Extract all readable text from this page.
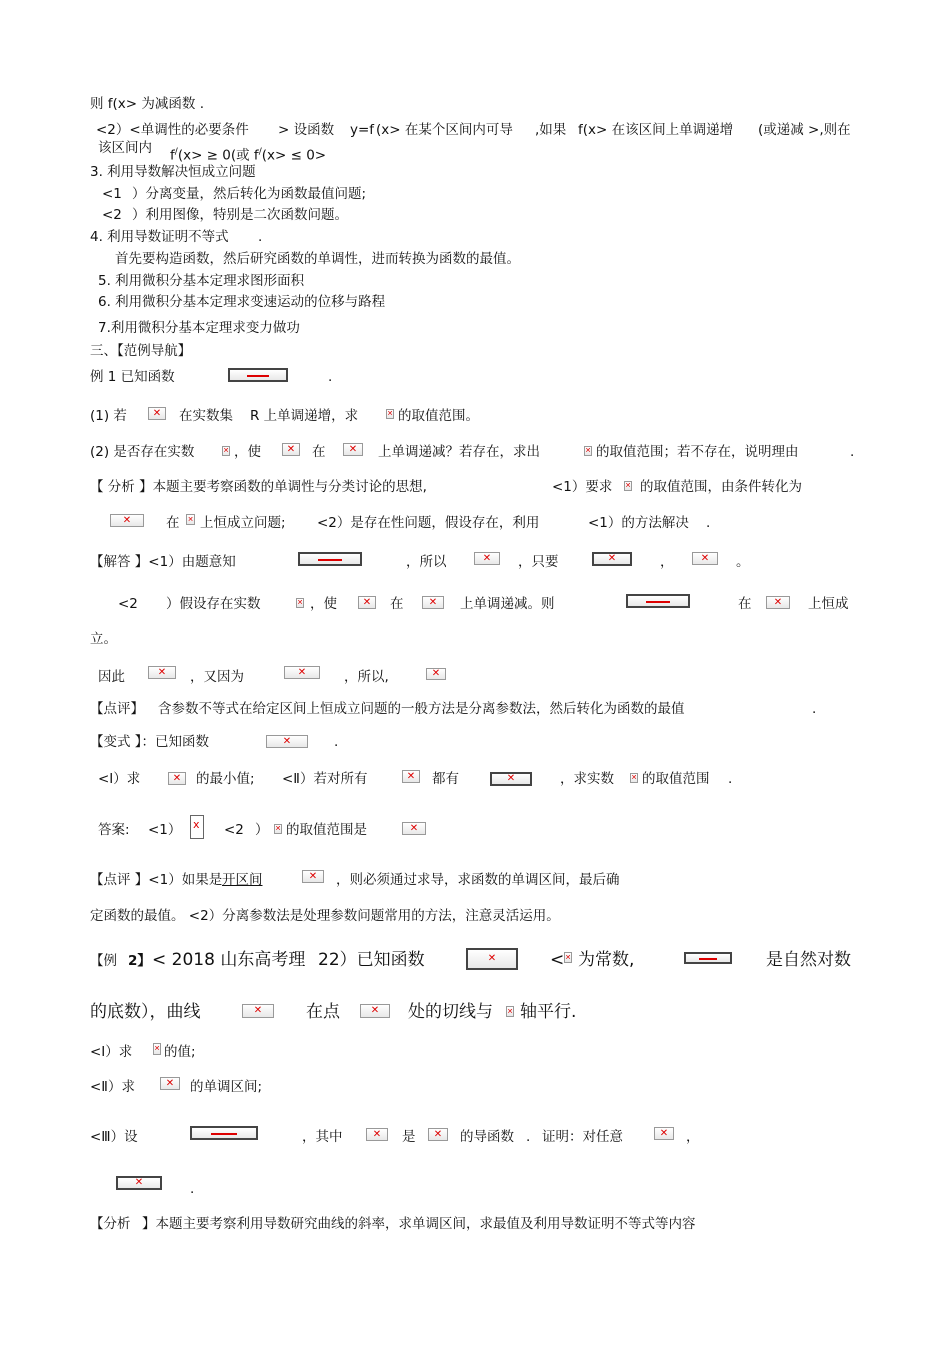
则 f(x> 为减函数 .
<2）<单调性的必要条件 > 设函数 y=f (x> 在某个区间内可导 ,如果 f(x> 在该区间上单调递增 (或递减 >,则在
该区间内 f/(x> ≥ 0(或 f/(x> ≤ 0>
3. 利用导数解决恒成立问题
<1 ）分离变量，然后转化为函数最值问题;
<2 ）利用图像，特别是二次函数问题。
4. 利用导数证明不等式 .
首先要构造函数，然后研究函数的单调性，进而转换为函数的最值。
5. 利用微积分基本定理求图形面积
6. 利用微积分基本定理求变速运动的位移与路程
7.利用微积分基本定理求变力做功
三、【范例导航】
例 1 已知函数	.
(1) 若 ✕	在实数集 R 上单调递增，求 ✕	的取值范围。
(2) 是否存在实数 ✕	，使 ✕	在 ✕	上单调递减？若存在，求出 ✕	的取值范围；若不存在，说明理由	.
【 分析 】本题主要考察函数的单调性与分类讨论的思想,	<1）要求 ✕ 的取值范围，由条件转化为
✕
在 ✕ 上恒成立问题; <2）是存在性问题，假设存在，利用	<1）的方法解决 .
【解答 】<1）由题意知	，所以 ✕	，只要 ✕	， ✕	。
<2 ）假设存在实数 ✕	，使 ✕	在 ✕	上单调递减。则	在 ✕	上恒成
立。
因此 ✕	，又因为 ✕	，所以,
✕
【点评】 含参数不等式在给定区间上恒成立问题的一般方法是分离参数法，然后转化为函数的最值	.
【变式 】：已知函数 ✕	.
<Ⅰ）求 ✕	的最小值; <Ⅱ）若对所有 ✕	都有 ✕	，求实数 ✕ 的取值范围 .
答案: <1） x	<2 ） ✕ 的取值范围是
✕
【点评 】<1）如果是 开区间 ✕	，则必须通过求导，求函数的单调区间，最后确
定函数的最值。 <2）分离参数法是处理参数问题常用的方法，注意灵活运用。
【例 2】 < 2018 山东高考理 22）已知函数 ✕	< ✕ 为常数,	是自然对数
的底数），曲线 ✕	在点 ✕	处的切线与 ✕ 轴平行.
<Ⅰ）求 ✕ 的值;
<Ⅱ）求 ✕	的单调区间;
<Ⅲ）设	，其中 ✕	是 ✕	的导函数 . 证明：对任意 ✕	，
✕
.
【分析 】本题主要考察利用导数研究曲线的斜率，求单调区间，求最值及利用导数证明不等式等内容
